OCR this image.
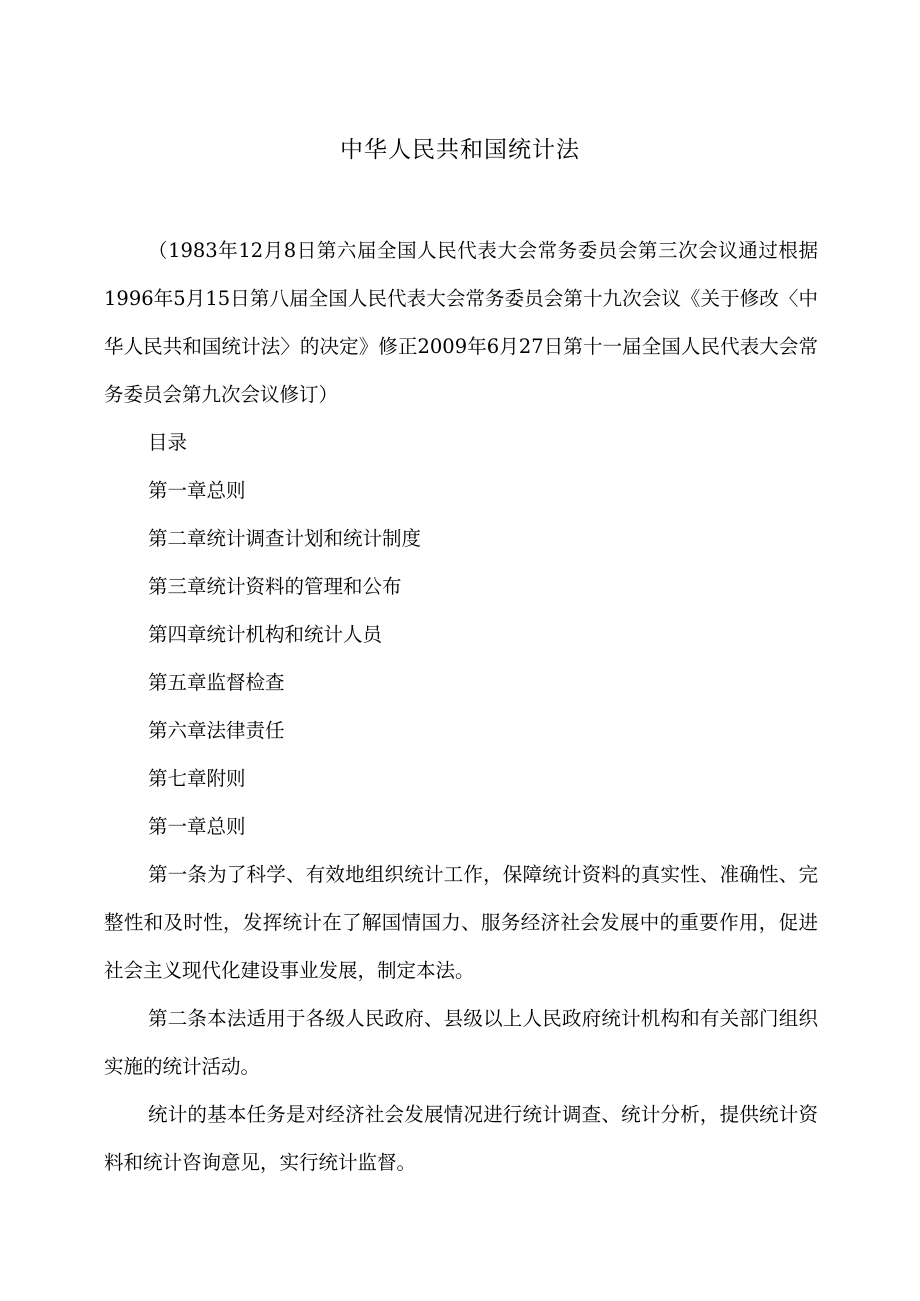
中华人民共和国统计法

（1983年12月8日第六届全国人民代表大会常务委员会第三次会议通过根据1996年5月15日第八届全国人民代表大会常务委员会第十九次会议《关于修改〈中华人民共和国统计法〉的决定》修正2009年6月27日第十一届全国人民代表大会常务委员会第九次会议修订）

目录

第一章总则

第二章统计调查计划和统计制度

第三章统计资料的管理和公布

第四章统计机构和统计人员

第五章监督检查

第六章法律责任

第七章附则

第一章总则

第一条为了科学、有效地组织统计工作，保障统计资料的真实性、准确性、完整性和及时性，发挥统计在了解国情国力、服务经济社会发展中的重要作用，促进社会主义现代化建设事业发展，制定本法。

第二条本法适用于各级人民政府、县级以上人民政府统计机构和有关部门组织实施的统计活动。

统计的基本任务是对经济社会发展情况进行统计调查、统计分析，提供统计资料和统计咨询意见，实行统计监督。
